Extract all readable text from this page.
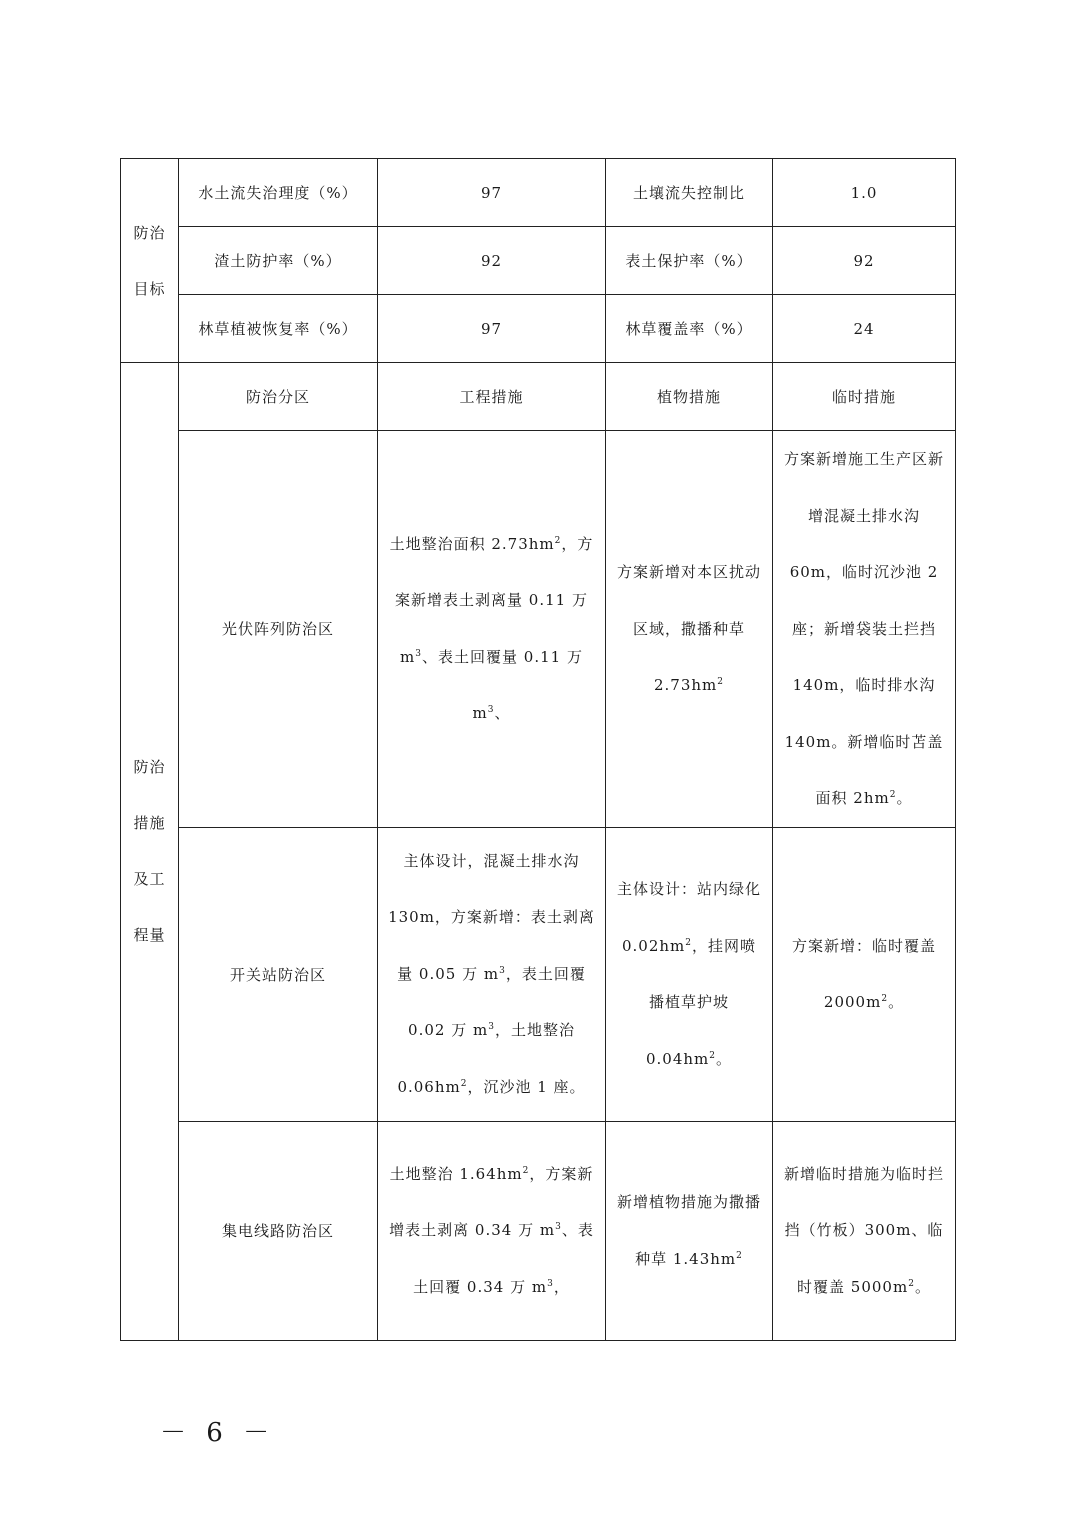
防治
目标	水土流失治理度（%）	97	土壤流失控制比	1.0
	渣土防护率（%）	92	表土保护率（%）	92
	林草植被恢复率（%）	97	林草覆盖率（%）	24

防治
措施
及工
程量	防治分区	工程措施	植物措施	临时措施
	光伏阵列防治区	土地整治面积 $2.73hm^2$，方案新增表土剥离量 0.11 万 $m^3$、表土回覆量 0.11 万 $m^3$、	方案新增对本区扰动区域，撒播种草 $2.73hm^2$	方案新增施工生产区新增混凝土排水沟 60m，临时沉沙池 2 座；新增袋装土拦挡 140m，临时排水沟 140m。新增临时苫盖面积 $2hm^2$。
	开关站防治区	主体设计，混凝土排水沟 130m，方案新增：表土剥离量 0.05 万 $m^3$，表土回覆 0.02 万 $m^3$，土地整治 $0.06hm^2$，沉沙池 1 座。	主体设计：站内绿化 $0.02hm^2$，挂网喷播植草护坡 $0.04hm^2$。	方案新增：临时覆盖 $2000m^2$。
	集电线路防治区	土地整治 $1.64hm^2$，方案新增表土剥离 0.34 万 $m^3$、表土回覆 0.34 万 $m^3$，	新增植物措施为撒播种草 $1.43hm^2$	新增临时措施为临时拦挡（竹板）300m、临时覆盖 $5000m^2$。
－ 6 －
